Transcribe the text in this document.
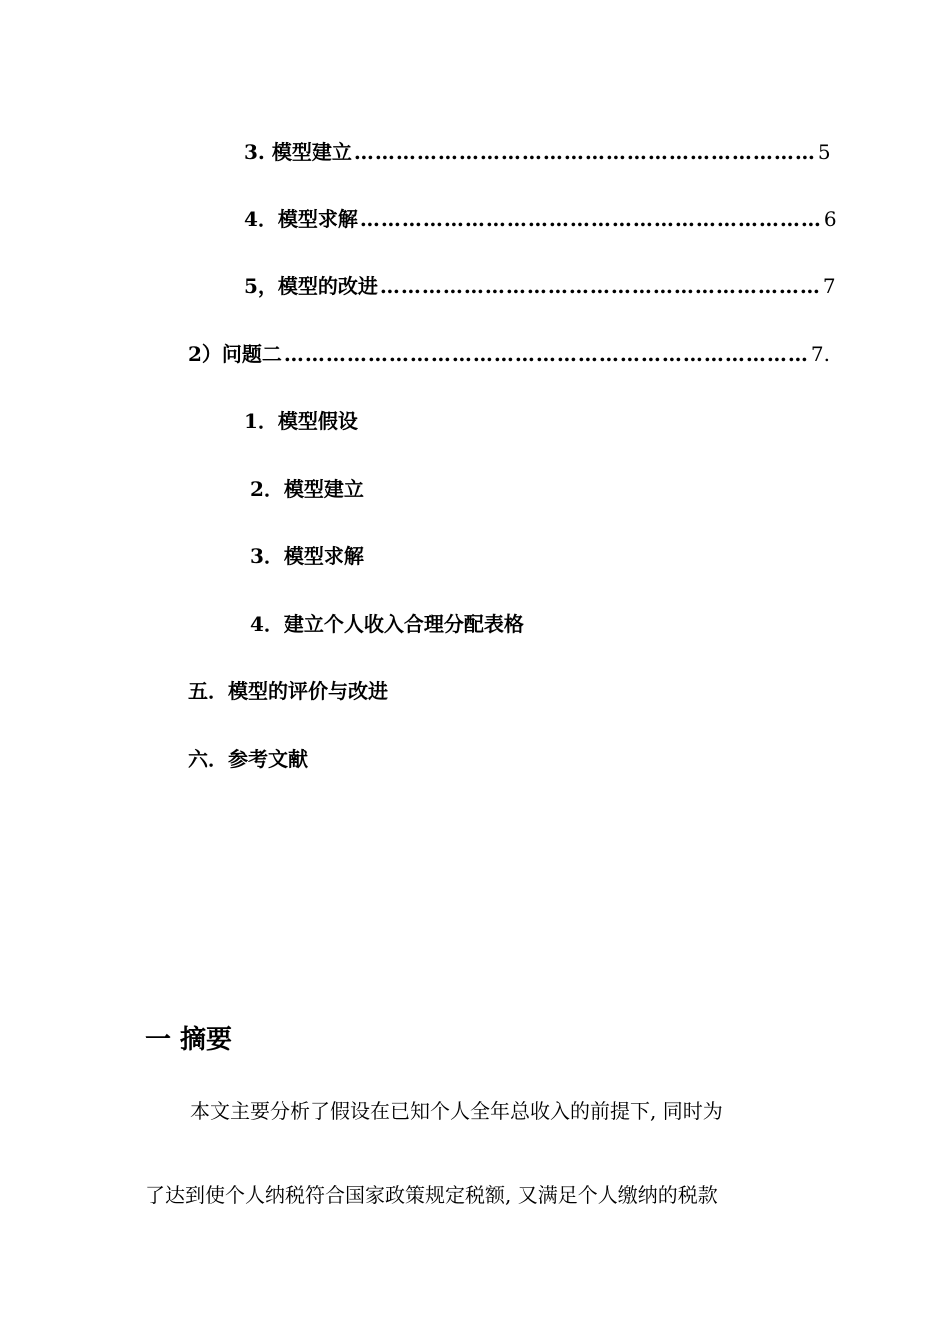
3. 模型建立 ………………………………………………………… 5
4．模型求解 ………………………………………………………… 6
5，模型的改进 ……………………………………………………… 7
2）问题二 ………………………………………………………………… 7.
1．模型假设
2．模型建立
3．模型求解
4．建立个人收入合理分配表格
五．模型的评价与改进
六．参考文献
一 摘要
本文主要分析了假设在已知个人全年总收入的前提下, 同时为
了达到使个人纳税符合国家政策规定税额, 又满足个人缴纳的税款
